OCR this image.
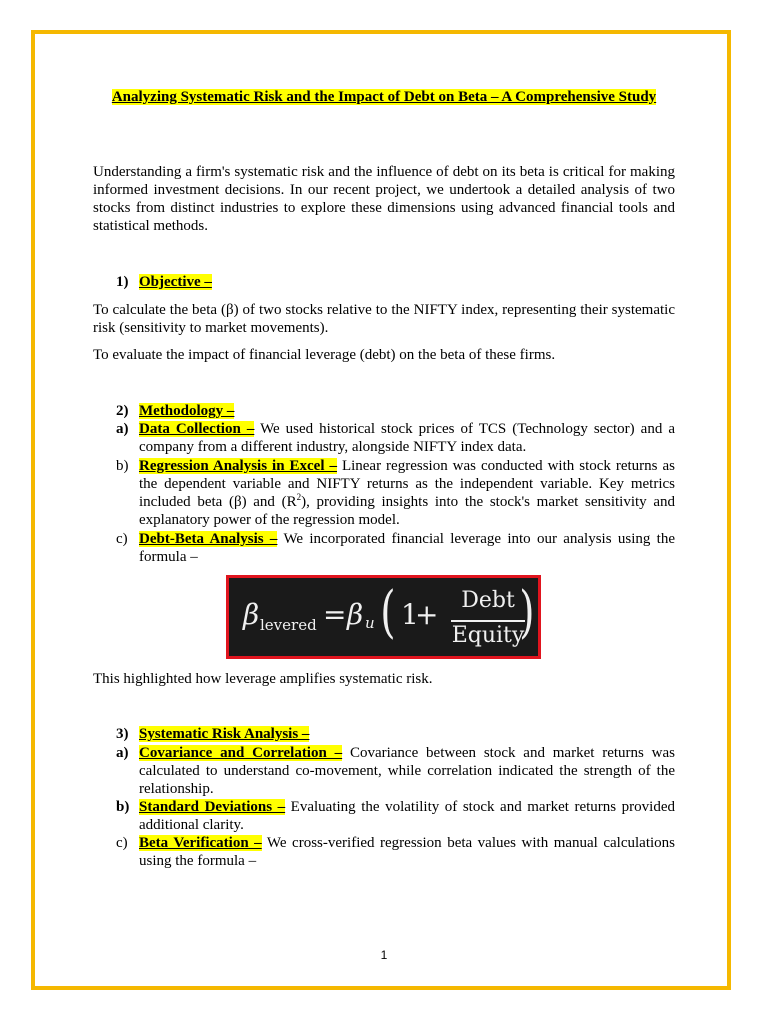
Analyzing Systematic Risk and the Impact of Debt on Beta – A Comprehensive Study
Understanding a firm's systematic risk and the influence of debt on its beta is critical for making informed investment decisions. In our recent project, we undertook a detailed analysis of two stocks from distinct industries to explore these dimensions using advanced financial tools and statistical methods.
1) Objective –
To calculate the beta (β) of two stocks relative to the NIFTY index, representing their systematic risk (sensitivity to market movements).
To evaluate the impact of financial leverage (debt) on the beta of these firms.
2) Methodology –
a) Data Collection – We used historical stock prices of TCS (Technology sector) and a company from a different industry, alongside NIFTY index data.
b) Regression Analysis in Excel – Linear regression was conducted with stock returns as the dependent variable and NIFTY returns as the independent variable. Key metrics included beta (β) and $(R^2)$, providing insights into the stock's market sensitivity and explanatory power of the regression model.
c) Debt-Beta Analysis – We incorporated financial leverage into our analysis using the formula –
β levered = β u ( 1
+	Debt
Equity
)
This highlighted how leverage amplifies systematic risk.
3) Systematic Risk Analysis –
a) Covariance and Correlation – Covariance between stock and market returns was calculated to understand co-movement, while correlation indicated the strength of the relationship.
b) Standard Deviations – Evaluating the volatility of stock and market returns provided additional clarity.
c) Beta Verification – We cross-verified regression beta values with manual calculations using the formula –
1
